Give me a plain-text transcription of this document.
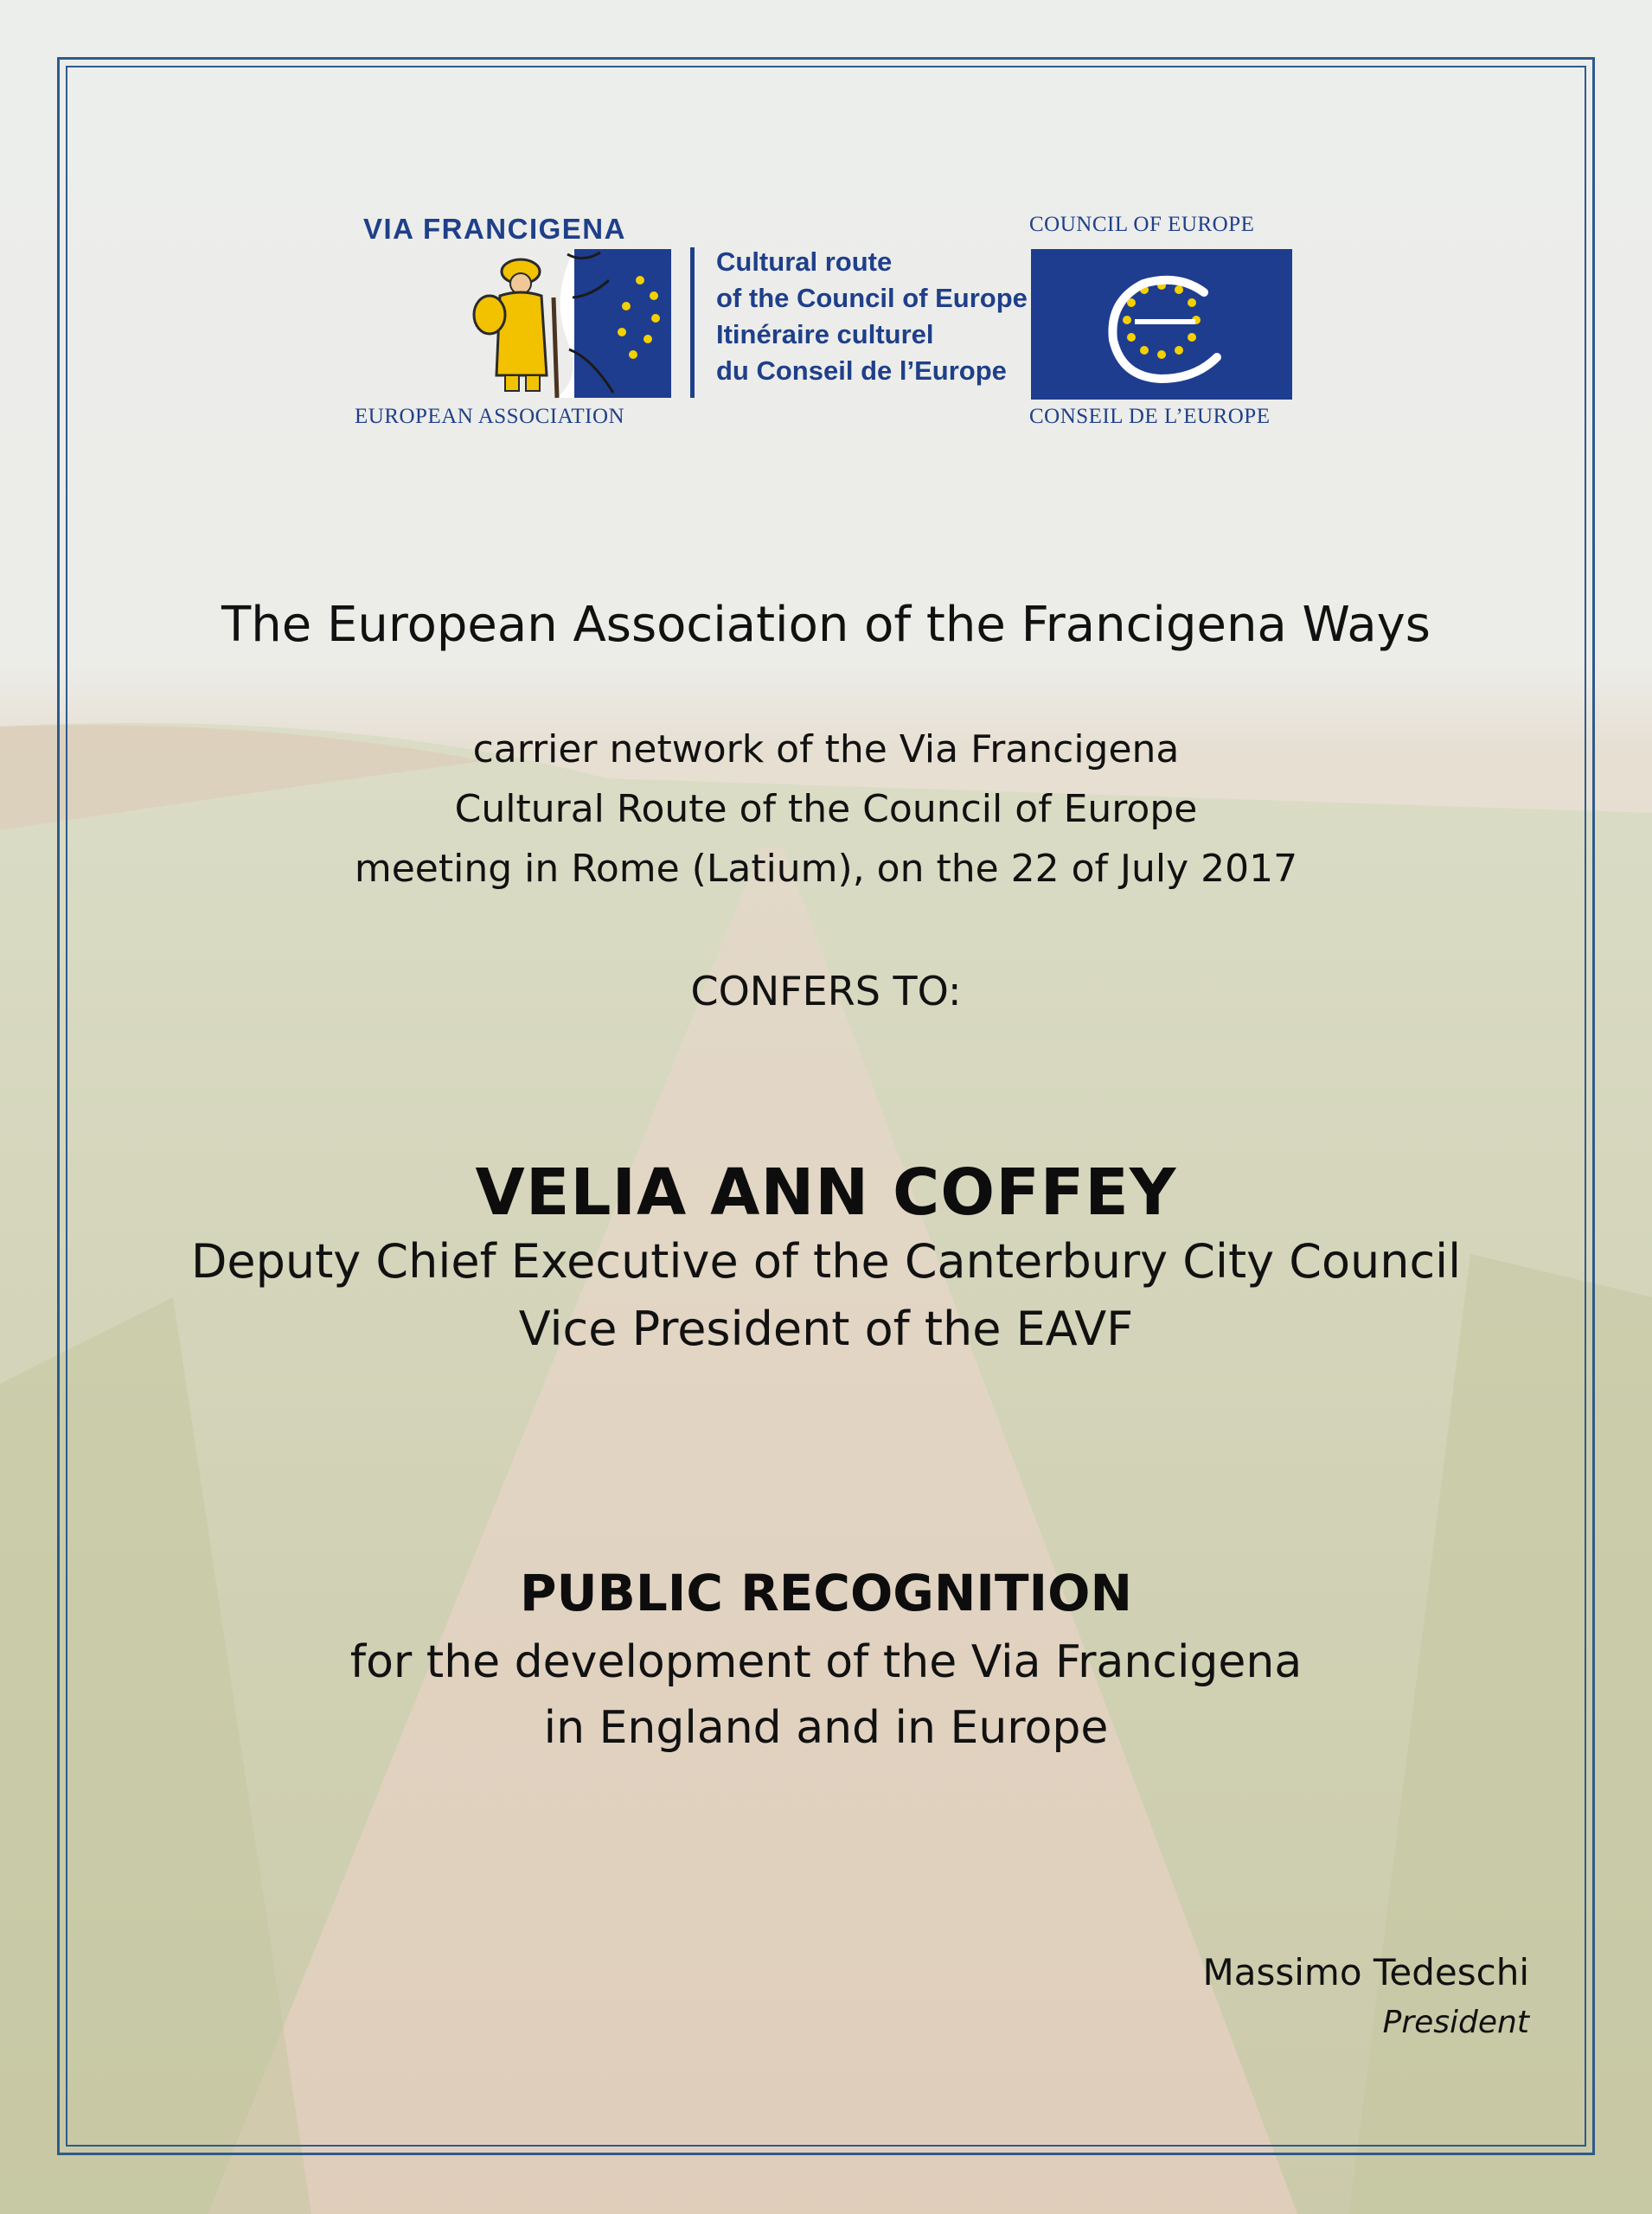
VIA FRANCIGENA
EUROPEAN ASSOCIATION
Cultural route
of the Council of Europe
Itinéraire culturel
du Conseil de l’Europe
COUNCIL OF EUROPE
CONSEIL DE L’EUROPE
The European Association of the Francigena Ways
carrier network of the Via Francigena
Cultural Route of the Council of Europe
meeting in Rome (Latium), on the 22 of July 2017
CONFERS TO:
VELIA ANN COFFEY
Deputy Chief Executive of the Canterbury City Council
Vice President of the EAVF
PUBLIC RECOGNITION
for the development of the Via Francigena
in England and in Europe
Massimo Tedeschi
President
